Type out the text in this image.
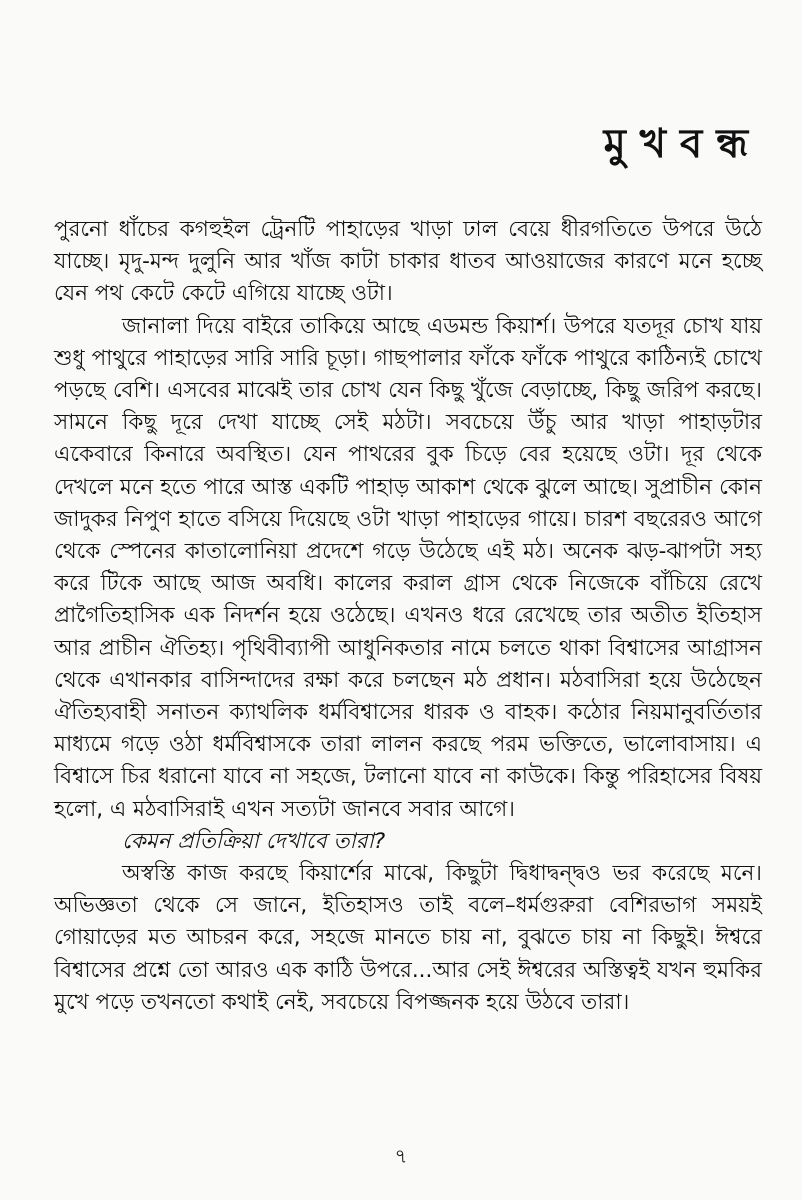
মুখবন্ধ

পুরনো ধাঁচের কগহুইল ট্রেনটি পাহাড়ের খাড়া ঢাল বেয়ে ধীরগতিতে উপরে উঠে যাচ্ছে। মৃদু-মন্দ দুলুনি আর খাঁজ কাটা চাকার ধাতব আওয়াজের কারণে মনে হচ্ছে যেন পথ কেটে কেটে এগিয়ে যাচ্ছে ওটা।

জানালা দিয়ে বাইরে তাকিয়ে আছে এডমন্ড কিয়ার্শ। উপরে যতদূর চোখ যায় শুধু পাথুরে পাহাড়ের সারি সারি চূড়া। গাছপালার ফাঁকে ফাঁকে পাথুরে কাঠিন্যই চোখে পড়ছে বেশি। এসবের মাঝেই তার চোখ যেন কিছু খুঁজে বেড়াচ্ছে, কিছু জরিপ করছে। সামনে কিছু দূরে দেখা যাচ্ছে সেই মঠটা। সবচেয়ে উঁচু আর খাড়া পাহাড়টার একেবারে কিনারে অবস্থিত। যেন পাথরের বুক চিড়ে বের হয়েছে ওটা। দূর থেকে দেখলে মনে হতে পারে আস্ত একটি পাহাড় আকাশ থেকে ঝুলে আছে। সুপ্রাচীন কোন জাদুকর নিপুণ হাতে বসিয়ে দিয়েছে ওটা খাড়া পাহাড়ের গায়ে। চারশ বছরেরও আগে থেকে স্পেনের কাতালোনিয়া প্রদেশে গড়ে উঠেছে এই মঠ। অনেক ঝড়-ঝাপটা সহ্য করে টিকে আছে আজ অবধি। কালের করাল গ্রাস থেকে নিজেকে বাঁচিয়ে রেখে প্রাগৈতিহাসিক এক নিদর্শন হয়ে ওঠেছে। এখনও ধরে রেখেছে তার অতীত ইতিহাস আর প্রাচীন ঐতিহ্য। পৃথিবীব্যাপী আধুনিকতার নামে চলতে থাকা বিশ্বাসের আগ্রাসন থেকে এখানকার বাসিন্দাদের রক্ষা করে চলছেন মঠ প্রধান। মঠবাসিরা হয়ে উঠেছেন ঐতিহ্যবাহী সনাতন ক্যাথলিক ধর্মবিশ্বাসের ধারক ও বাহক। কঠোর নিয়মানুবর্তিতার মাধ্যমে গড়ে ওঠা ধর্মবিশ্বাসকে তারা লালন করছে পরম ভক্তিতে, ভালোবাসায়। এ বিশ্বাসে চির ধরানো যাবে না সহজে, টলানো যাবে না কাউকে। কিন্তু পরিহাসের বিষয় হলো, এ মঠবাসিরাই এখন সত্যটা জানবে সবার আগে।

কেমন প্রতিক্রিয়া দেখাবে তারা?

অস্বস্তি কাজ করছে কিয়ার্শের মাঝে, কিছুটা দ্বিধাদ্বন্দ্বও ভর করেছে মনে। অভিজ্ঞতা থেকে সে জানে, ইতিহাসও তাই বলে–ধর্মগুরুরা বেশিরভাগ সময়ই গোয়াড়ের মত আচরন করে, সহজে মানতে চায় না, বুঝতে চায় না কিছুই। ঈশ্বরে বিশ্বাসের প্রশ্নে তো আরও এক কাঠি উপরে...আর সেই ঈশ্বরের অস্তিত্বই যখন হুমকির মুখে পড়ে তখনতো কথাই নেই, সবচেয়ে বিপজ্জনক হয়ে উঠবে তারা।

৭
